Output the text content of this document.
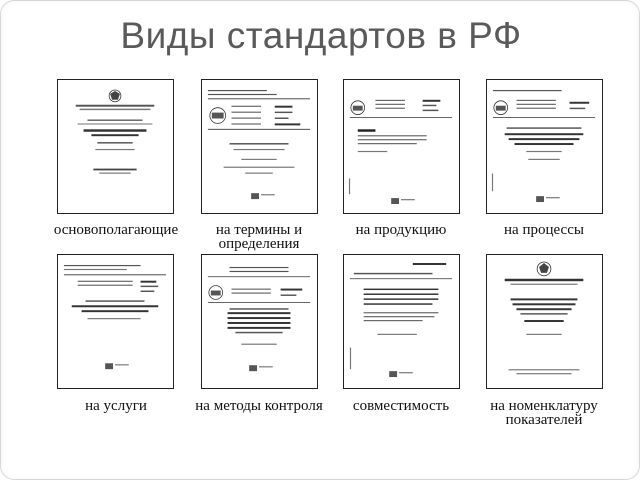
Виды стандартов в РФ
основополагающие	на термины и определения
на продукцию	на процессы
на услуги	на методы контроля	совместимость	на номенклатуру показателей
